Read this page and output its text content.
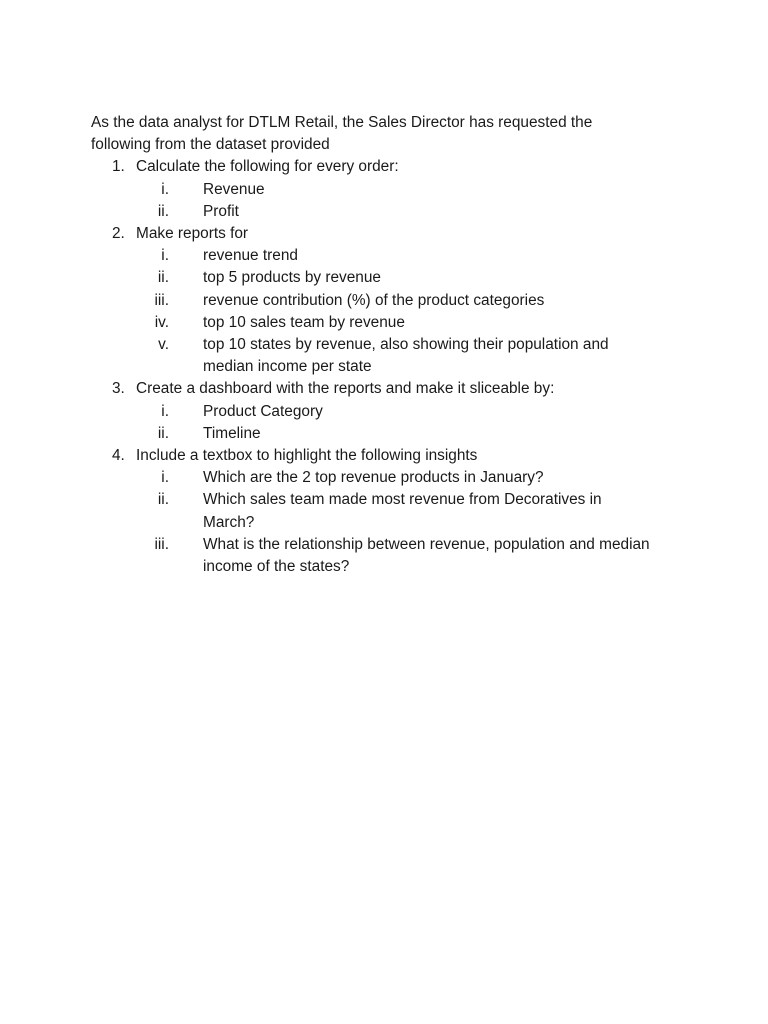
As the data analyst for DTLM Retail, the Sales Director has requested the following from the dataset provided

1. Calculate the following for every order:
i. Revenue
ii. Profit
2. Make reports for
i. revenue trend
ii. top 5 products by revenue
iii. revenue contribution (%) of the product categories
iv. top 10 sales team by revenue
v. top 10 states by revenue, also showing their population and median income per state
3. Create a dashboard with the reports and make it sliceable by:
i. Product Category
ii. Timeline
4. Include a textbox to highlight the following insights
i. Which are the 2 top revenue products in January?
ii. Which sales team made most revenue from Decoratives in March?
iii. What is the relationship between revenue, population and median income of the states?
